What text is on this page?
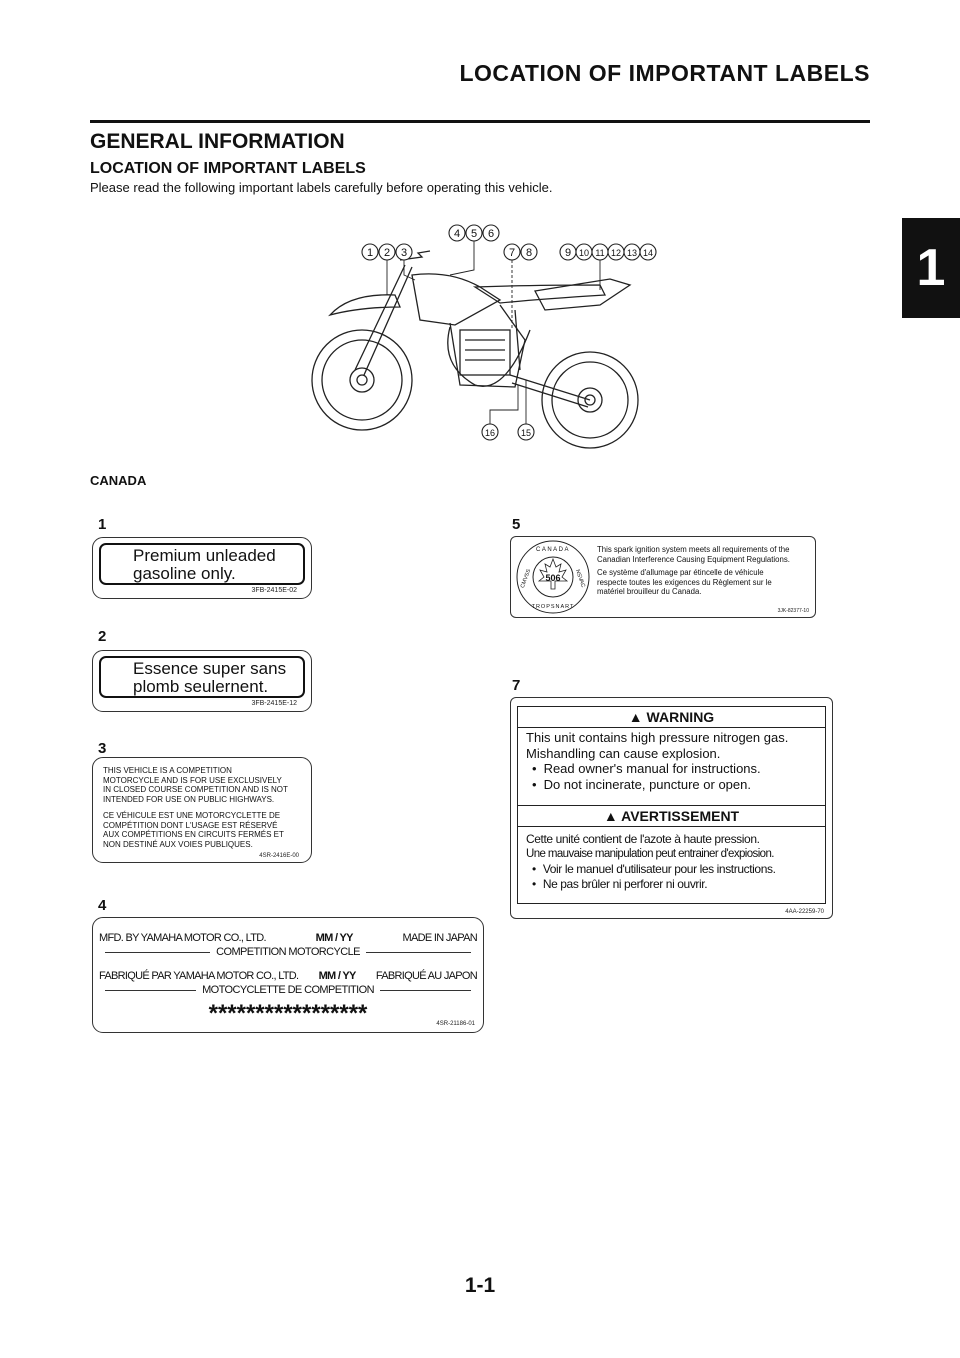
LOCATION OF IMPORTANT LABELS
1
GENERAL INFORMATION
LOCATION OF IMPORTANT LABELS
Please read the following important labels carefully before operating this vehicle.
1 2 3
4 5 6
7 8	9 10 11 12 13 14
16	15
CANADA
1
Premium unleaded
gasoline only.
3FB-2415E-02
2
Essence super sans
plomb seulernent.
3FB-2415E-12
3
THIS VEHICLE IS A COMPETITION
MOTORCYCLE AND IS FOR USE EXCLUSIVELY
IN CLOSED COURSE COMPETITION AND IS NOT
INTENDED FOR USE ON PUBLIC HIGHWAYS.
CE VÉHICULE EST UNE MOTORCYCLETTE DE
COMPÉTITION DONT L'USAGE EST RÉSERVÉ
AUX COMPÉTITIONS EN CIRCUITS FERMÉS ET
NON DESTINÉ AUX VOIES PUBLIQUES.
4SR-2416E-00
4
MFD. BY YAMAHA MOTOR CO., LTD.	MM / YY	MADE IN JAPAN
COMPETITION MOTORCYCLE
FABRIQUÉ PAR YAMAHA MOTOR CO., LTD. MM / YY FABRIQUÉ AU JAPON
MOTOCYCLETTE DE COMPETITION
*****************	4SR-21186-01
5
506
CANADA
CMVSS	NSVAC
TROPSNART
This spark ignition system meets all requirements of the
Canadian Interference Causing Equipment Regulations.
Ce système d'allumage par étincelle de véhicule
respecte toutes les exigences du Règlement sur le
matériel brouilleur du Canada.
3JK-82377-10
7
▲ WARNING
This unit contains high pressure nitrogen gas.
Mishandling can cause explosion.
• Read owner's manual for instructions.
• Do not incinerate, puncture or open.
▲ AVERTISSEMENT
Cette unité contient de l'azote à haute pression.
Une mauvaise manipulation peut entrainer d'expiosion.
• Voir le manuel d'utilisateur pour les instructions.
• Ne pas brûler ni perforer ni ouvrir.
4AA-22259-70
1-1
